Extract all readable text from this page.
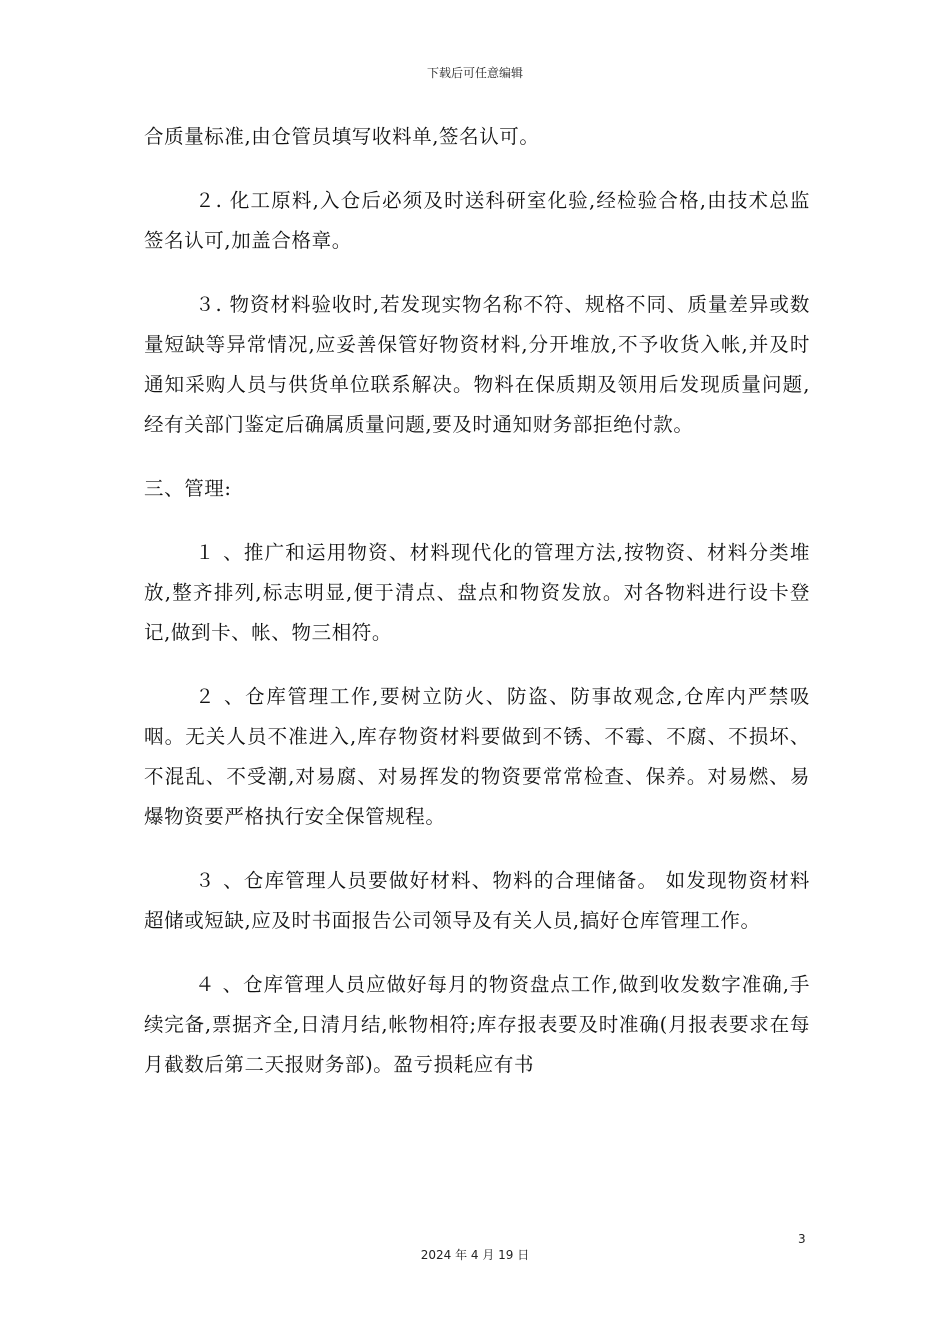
下载后可任意编辑

合质量标准,由仓管员填写收料单,签名认可。

２. 化工原料,入仓后必须及时送科研室化验,经检验合格,由技术总监签名认可,加盖合格章。

３. 物资材料验收时,若发现实物名称不符、规格不同、质量差异或数量短缺等异常情况,应妥善保管好物资材料,分开堆放,不予收货入帐,并及时通知采购人员与供货单位联系解决。物料在保质期及领用后发现质量问题,经有关部门鉴定后确属质量问题,要及时通知财务部拒绝付款。

三、管理:

１ 、推广和运用物资、材料现代化的管理方法,按物资、材料分类堆放,整齐排列,标志明显,便于清点、盘点和物资发放。对各物料进行设卡登记,做到卡、帐、物三相符。

２ 、仓库管理工作,要树立防火、防盗、防事故观念,仓库内严禁吸咽。无关人员不准进入,库存物资材料要做到不锈、不霉、不腐、不损坏、不混乱、不受潮,对易腐、对易挥发的物资要常常检查、保养。对易燃、易爆物资要严格执行安全保管规程。

３ 、仓库管理人员要做好材料、物料的合理储备。 如发现物资材料超储或短缺,应及时书面报告公司领导及有关人员,搞好仓库管理工作。

４ 、仓库管理人员应做好每月的物资盘点工作,做到收发数字准确,手续完备,票据齐全,日清月结,帐物相符;库存报表要及时准确(月报表要求在每月截数后第二天报财务部)。盈亏损耗应有书

3
2024 年 4 月 19 日
